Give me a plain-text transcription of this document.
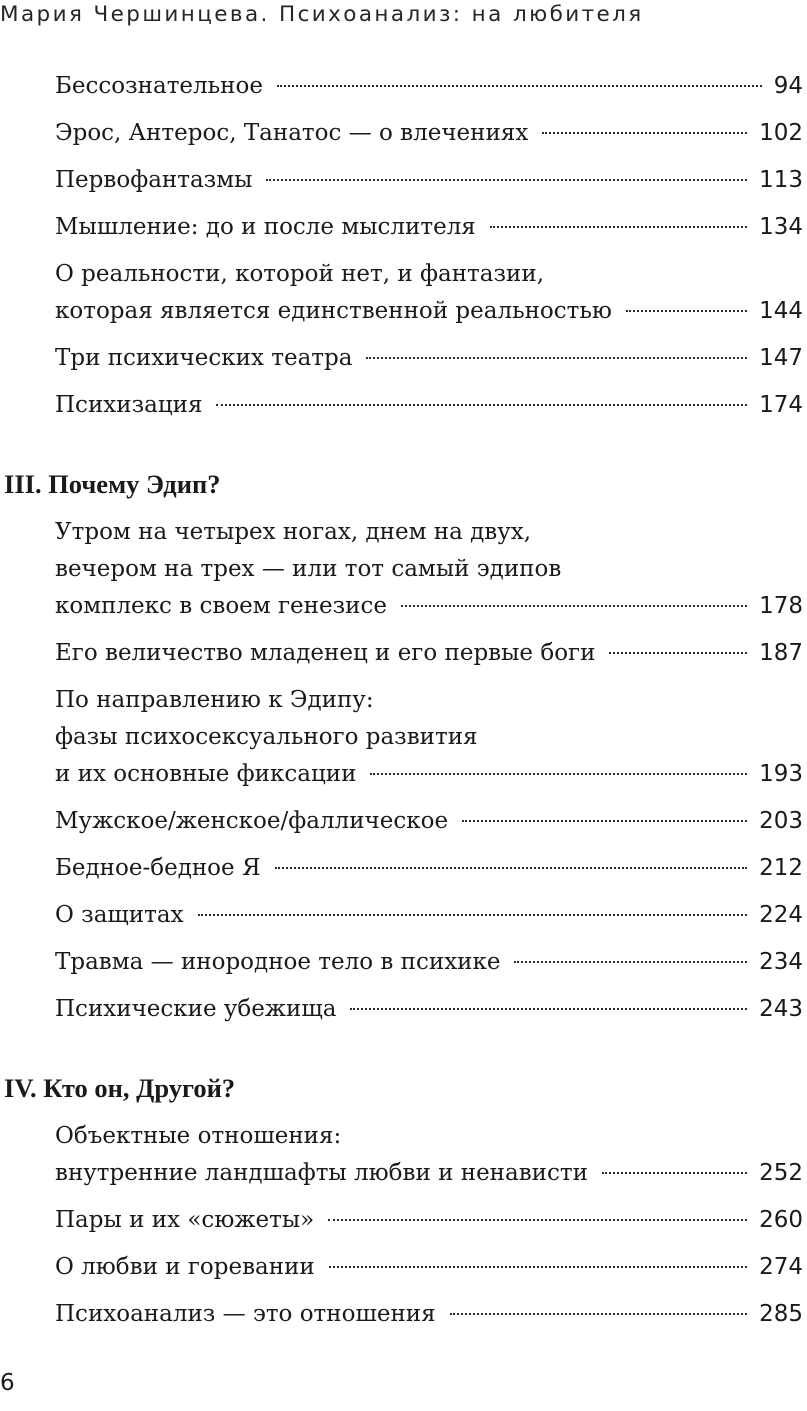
Мария Чершинцева. Психоанализ: на любителя
Бессознательное	94
Эрос, Антерос, Танатос — о влечениях	102
Первофантазмы	113
Мышление: до и после мыслителя	134
О реальности, которой нет, и фантазии,
которая является единственной реальностью	144
Три психических театра	147
Психизация	174
III. Почему Эдип?
Утром на четырех ногах, днем на двух,
вечером на трех — или тот самый эдипов
комплекс в своем генезисе	178
Его величество младенец и его первые боги	187
По направлению к Эдипу:
фазы психосексуального развития
и их основные фиксации	193
Мужское/женское/фаллическое	203
Бедное-бедное Я	212
О защитах	224
Травма — инородное тело в психике	234
Психические убежища	243
IV. Кто он, Другой?
Объектные отношения:
внутренние ландшафты любви и ненависти	252
Пары и их «сюжеты»	260
О любви и горевании	274
Психоанализ — это отношения	285
6
